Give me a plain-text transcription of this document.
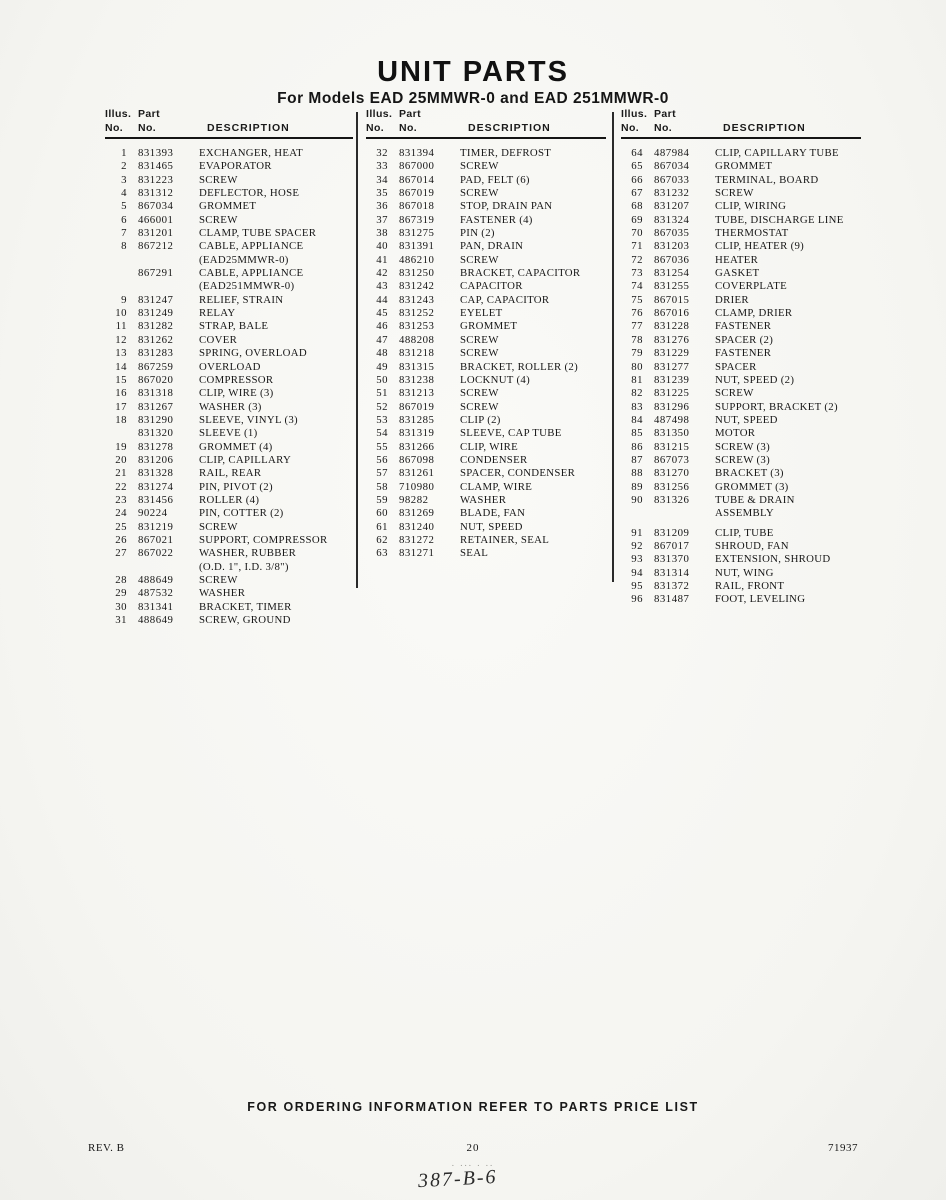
UNIT PARTS
For Models EAD 25MMWR-0 and EAD 251MMWR-0
Illus. Part
No.	No.	DESCRIPTION
1 831393	EXCHANGER, HEAT
2 831465	EVAPORATOR
3 831223	SCREW
4 831312	DEFLECTOR, HOSE
5 867034	GROMMET
6 466001	SCREW
7 831201	CLAMP, TUBE SPACER
8 867212	CABLE, APPLIANCE
(EAD25MMWR-0)
867291	CABLE, APPLIANCE
(EAD251MMWR-0)
9 831247	RELIEF, STRAIN
10 831249	RELAY
11 831282	STRAP, BALE
12 831262	COVER
13 831283	SPRING, OVERLOAD
14 867259	OVERLOAD
15 867020	COMPRESSOR
16 831318	CLIP, WIRE (3)
17 831267	WASHER (3)
18 831290	SLEEVE, VINYL (3)
831320	SLEEVE (1)
19 831278	GROMMET (4)
20 831206	CLIP, CAPILLARY
21 831328	RAIL, REAR
22 831274	PIN, PIVOT (2)
23 831456	ROLLER (4)
24 90224	PIN, COTTER (2)
25 831219	SCREW
26 867021	SUPPORT, COMPRESSOR
27 867022	WASHER, RUBBER
(O.D. 1", I.D. 3/8")
28 488649	SCREW
29 487532	WASHER
30 831341	BRACKET, TIMER
31 488649	SCREW, GROUND
Illus. Part
No.	No.	DESCRIPTION
32 831394	TIMER, DEFROST
33 867000	SCREW
34 867014	PAD, FELT (6)
35 867019	SCREW
36 867018	STOP, DRAIN PAN
37 867319	FASTENER (4)
38 831275	PIN (2)
40 831391	PAN, DRAIN
41 486210	SCREW
42 831250	BRACKET, CAPACITOR
43 831242	CAPACITOR
44 831243	CAP, CAPACITOR
45 831252	EYELET
46 831253	GROMMET
47 488208	SCREW
48 831218	SCREW
49 831315	BRACKET, ROLLER (2)
50 831238	LOCKNUT (4)
51 831213	SCREW
52 867019	SCREW
53 831285	CLIP (2)
54 831319	SLEEVE, CAP TUBE
55 831266	CLIP, WIRE
56 867098	CONDENSER
57 831261	SPACER, CONDENSER
58 710980	CLAMP, WIRE
59 98282	WASHER
60 831269	BLADE, FAN
61 831240	NUT, SPEED
62 831272	RETAINER, SEAL
63 831271	SEAL
Illus. Part
No.	No.	DESCRIPTION
64 487984	CLIP, CAPILLARY TUBE
65 867034	GROMMET
66 867033	TERMINAL, BOARD
67 831232	SCREW
68 831207	CLIP, WIRING
69 831324	TUBE, DISCHARGE LINE
70 867035	THERMOSTAT
71 831203	CLIP, HEATER (9)
72 867036	HEATER
73 831254	GASKET
74 831255	COVERPLATE
75 867015	DRIER
76 867016	CLAMP, DRIER
77 831228	FASTENER
78 831276	SPACER (2)
79 831229	FASTENER
80 831277	SPACER
81 831239	NUT, SPEED (2)
82 831225	SCREW
83 831296	SUPPORT, BRACKET (2)
84 487498	NUT, SPEED
85 831350	MOTOR
86 831215	SCREW (3)
87 867073	SCREW (3)
88 831270	BRACKET (3)
89 831256	GROMMET (3)
90 831326	TUBE & DRAIN
ASSEMBLY
91 831209	CLIP, TUBE
92 867017	SHROUD, FAN
93 831370	EXTENSION, SHROUD
94 831314	NUT, WING
95 831372	RAIL, FRONT
96 831487	FOOT, LEVELING
FOR ORDERING INFORMATION REFER TO PARTS PRICE LIST
REV. B	20	71937
. ... . ..
387-B-6
